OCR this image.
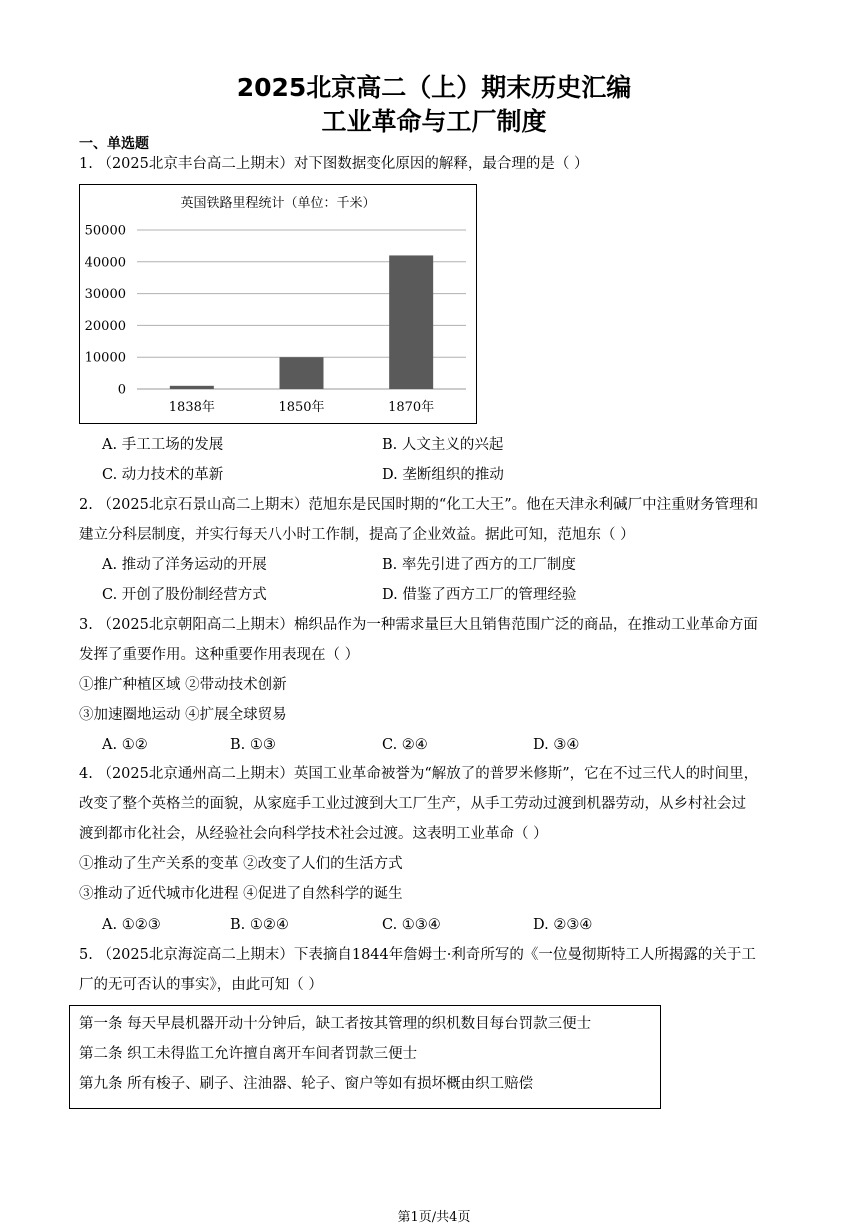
2025北京高二（上）期末历史汇编
工业革命与工厂制度
一、单选题
1. （2025北京丰台高二上期末）对下图数据变化原因的解释，最合理的是（ ）
英国铁路里程统计（单位：千米）
50000
40000
30000
20000
10000
0
1838年	1850年	1870年
A. 手工工场的发展	B. 人文主义的兴起
C. 动力技术的革新	D. 垄断组织的推动
2. （2025北京石景山高二上期末）范旭东是民国时期的“化工大王”。他在天津永利碱厂中注重财务管理和
建立分科层制度，并实行每天八小时工作制，提高了企业效益。据此可知，范旭东（ ）
A. 推动了洋务运动的开展	B. 率先引进了西方的工厂制度
C. 开创了股份制经营方式	D. 借鉴了西方工厂的管理经验
3. （2025北京朝阳高二上期末）棉织品作为一种需求量巨大且销售范围广泛的商品，在推动工业革命方面
发挥了重要作用。这种重要作用表现在（ ）
①推广种植区域 ②带动技术创新
③加速圈地运动 ④扩展全球贸易
A. ①②	B. ①③	C. ②④	D. ③④
4. （2025北京通州高二上期末）英国工业革命被誉为“解放了的普罗米修斯”，它在不过三代人的时间里，
改变了整个英格兰的面貌，从家庭手工业过渡到大工厂生产，从手工劳动过渡到机器劳动，从乡村社会过
渡到都市化社会，从经验社会向科学技术社会过渡。这表明工业革命（ ）
①推动了生产关系的变革 ②改变了人们的生活方式
③推动了近代城市化进程 ④促进了自然科学的诞生
A. ①②③	B. ①②④	C. ①③④	D. ②③④
5. （2025北京海淀高二上期末）下表摘自1844年詹姆士·利奇所写的《一位曼彻斯特工人所揭露的关于工
厂的无可否认的事实》，由此可知（ ）
第一条 每天早晨机器开动十分钟后，缺工者按其管理的织机数目每台罚款三便士
第二条 织工未得监工允许擅自离开车间者罚款三便士
第九条 所有梭子、刷子、注油器、轮子、窗户等如有损坏概由织工赔偿
第1页/共4页
